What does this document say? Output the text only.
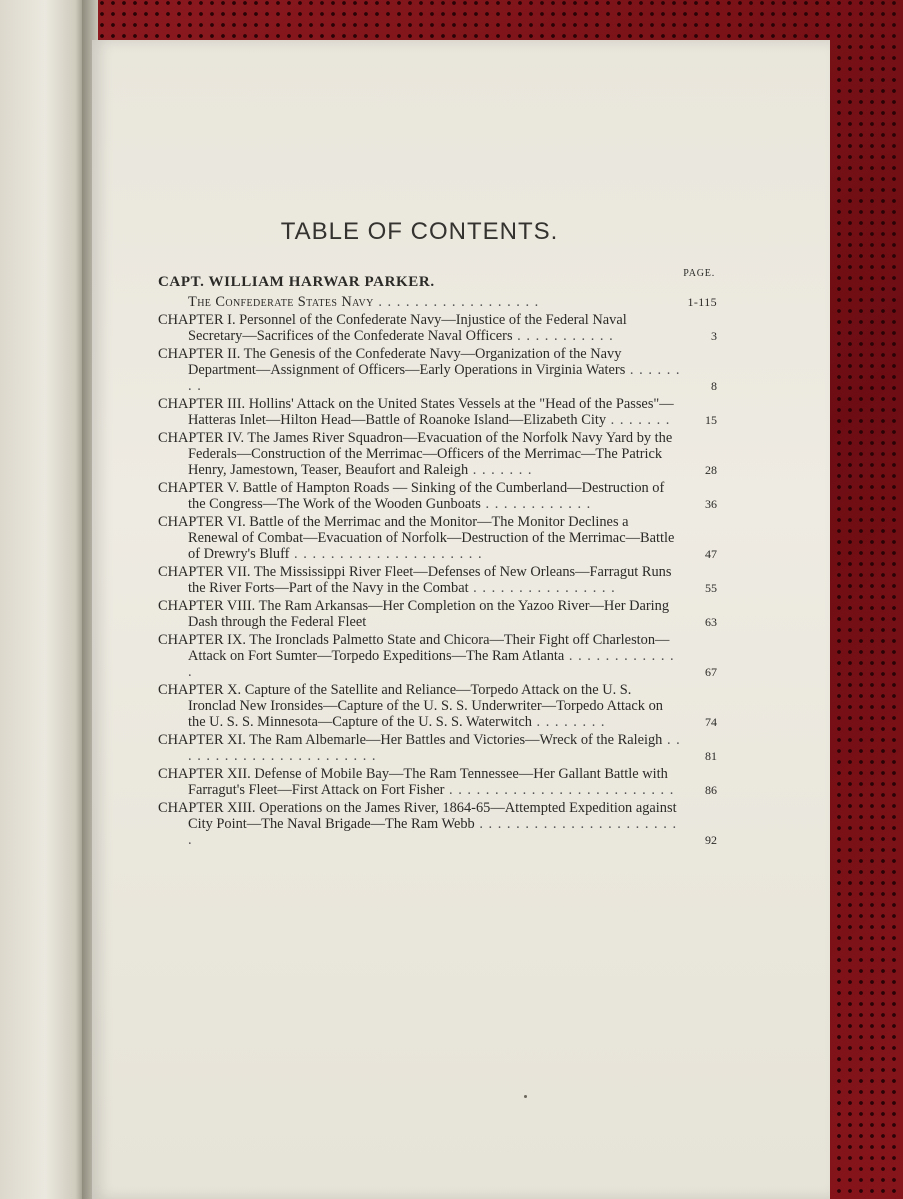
TABLE OF CONTENTS.
CAPT. WILLIAM HARWAR PARKER.
PAGE.
The Confederate States Navy . . . . . . . . . . . . . . . . . .	1-115
CHAPTER I. Personnel of the Confederate Navy—Injustice of the Federal Naval Secretary—Sacrifices of the Confederate Naval Officers . . . . . . . . . . .	3
CHAPTER II. The Genesis of the Confederate Navy—Organization of the Navy Department—Assignment of Officers—Early Operations in Virginia Waters . . . . . . . .	8
CHAPTER III. Hollins' Attack on the United States Vessels at the "Head of the Passes"—Hatteras Inlet—Hilton Head—Battle of Roanoke Island—Elizabeth City . . . . . . .	15
CHAPTER IV. The James River Squadron—Evacuation of the Norfolk Navy Yard by the Federals—Construction of the Merrimac—Officers of the Merrimac—The Patrick Henry, Jamestown, Teaser, Beaufort and Raleigh . . . . . . .	28
CHAPTER V. Battle of Hampton Roads — Sinking of the Cumberland—Destruction of the Congress—The Work of the Wooden Gunboats . . . . . . . . . . . .	36
CHAPTER VI. Battle of the Merrimac and the Monitor—The Monitor Declines a Renewal of Combat—Evacuation of Norfolk—Destruction of the Merrimac—Battle of Drewry's Bluff . . . . . . . . . . . . . . . . . . . . .	47
CHAPTER VII. The Mississippi River Fleet—Defenses of New Orleans—Farragut Runs the River Forts—Part of the Navy in the Combat . . . . . . . . . . . . . . . .	55
CHAPTER VIII. The Ram Arkansas—Her Completion on the Yazoo River—Her Daring Dash through the Federal Fleet	63
CHAPTER IX. The Ironclads Palmetto State and Chicora—Their Fight off Charleston—Attack on Fort Sumter—Torpedo Expeditions—The Ram Atlanta . . . . . . . . . . . . .	67
CHAPTER X. Capture of the Satellite and Reliance—Torpedo Attack on the U. S. Ironclad New Ironsides—Capture of the U. S. S. Underwriter—Torpedo Attack on the U. S. S. Minnesota—Capture of the U. S. S. Waterwitch . . . . . . . .	74
CHAPTER XI. The Ram Albemarle—Her Battles and Victories—Wreck of the Raleigh . . . . . . . . . . . . . . . . . . . . . . .	81
CHAPTER XII. Defense of Mobile Bay—The Ram Tennessee—Her Gallant Battle with Farragut's Fleet—First Attack on Fort Fisher . . . . . . . . . . . . . . . . . . . . . . . . .	86
CHAPTER XIII. Operations on the James River, 1864-65—Attempted Expedition against City Point—The Naval Brigade—The Ram Webb . . . . . . . . . . . . . . . . . . . . . . .	92
